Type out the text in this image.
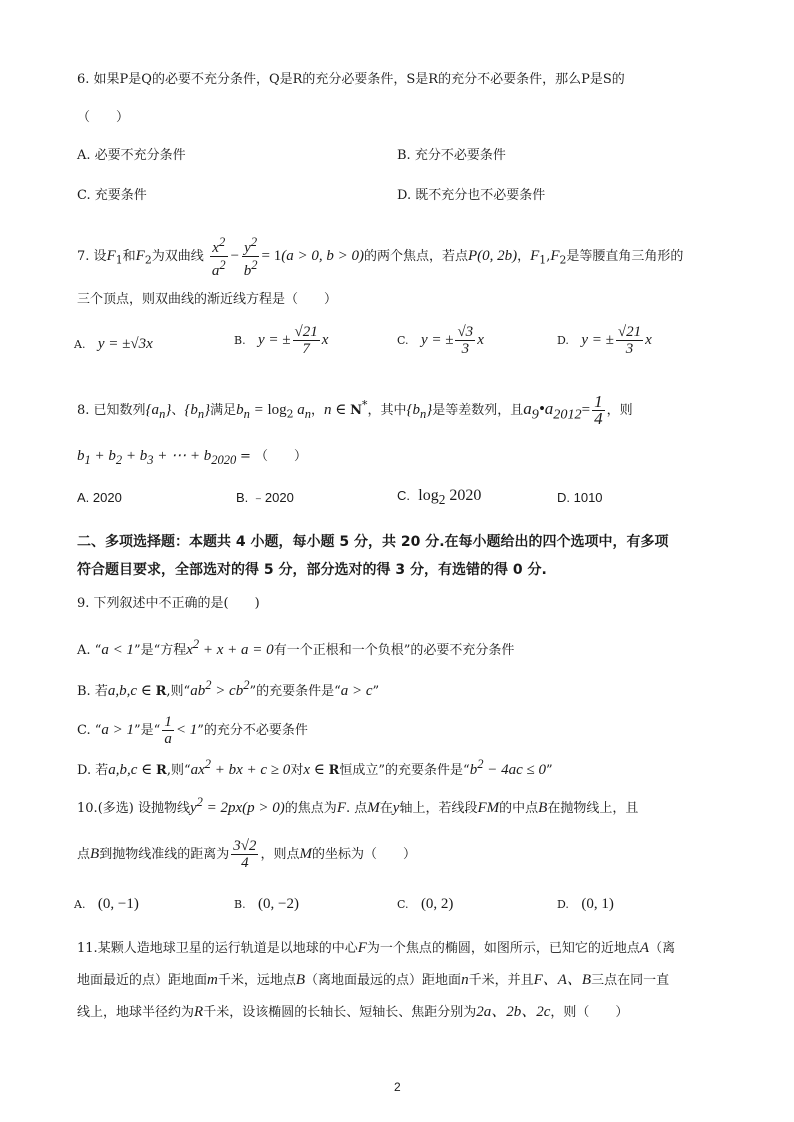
6. 如果P是Q的必要不充分条件，Q是R的充分必要条件，S是R的充分不必要条件，那么P是S的
（　　）
A. 必要不充分条件	B. 充分不必要条件
C. 充要条件	D. 既不充分也不必要条件
7. 设$F_1$和$F_2$为双曲线 $\frac{x^2}{a^2} - \frac{y^2}{b^2} = 1(a > 0$, b > 0)的两个焦点，若点P(0, 2b)，$F_1,F_2$是等腰直角三角形的
三个顶点，则双曲线的渐近线方程是（　　）
A. y = ±√3x	B. y = ± $\frac{√21}{7}$ x	C. y = ± $\frac{√3}{3}$ x	D. y = ± $\frac{√21}{3}$ x
8. 已知数列$\{a_n\}$、$\{b_n\}$满足$b_n = \log_2 a_n$，n ∈ N*，其中$\{b_n\}$是等差数列，且$a_9•a_{2012}= \frac{1}{4}$ ，则
$b_1 + b_2 + b_3$ + ⋯ + $b_{2020}$ = （　　）
A. 2020	B. ﹣2020	C. $\log_2 2020$	D. 1010
二、多项选择题：本题共 4 小题，每小题 5 分，共 20 分.在每小题给出的四个选项中，有多项
符合题目要求，全部选对的得 5 分，部分选对的得 3 分，有选错的得 0 分.
9. 下列叙述中不正确的是(　　)
A. “a < 1”是“方程$x^2 + x + a = 0$有一个正根和一个负根”的必要不充分条件
B. 若a,b,c ∈ R,则“$ab^2 > cb^2$”的充要条件是“a > c”
C. “a > 1”是“ $\frac{1}{a} < 1$”的充分不必要条件
D. 若a,b,c ∈ R,则“$ax^2$ + bx + c ≥ 0对x ∈ R恒成立”的充要条件是“$b^2 - 4ac \le 0$”
10.(多选) 设抛物线$y^2 = 2px(p > 0)$的焦点为F. 点M在y轴上，若线段FM的中点B在抛物线上，且
点B到抛物线准线的距离为 $\frac{3√2}{4}$ ，则点M的坐标为（　　）
A. (0, −1)	B. (0, −2)	C. (0, 2)	D. (0, 1)
11.某颗人造地球卫星的运行轨道是以地球的中心F为一个焦点的椭圆，如图所示，已知它的近地点A（离
地面最近的点）距地面m千米，远地点B（离地面最远的点）距地面n千米，并且F、A、B三点在同一直
线上，地球半径约为R千米，设该椭圆的长轴长、短轴长、焦距分别为2a、2b、2c，则（　　）
2
